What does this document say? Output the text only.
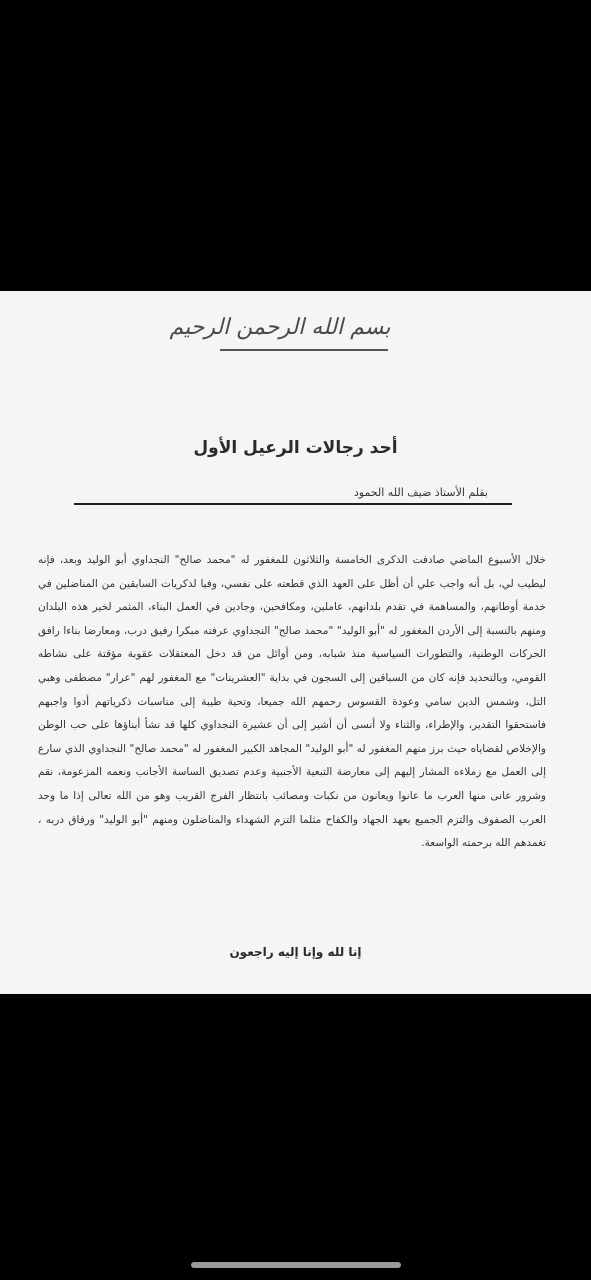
بسم الله الرحمن الرحيم
أحد رجالات الرعيل الأول
بقلم الأستاذ ضيف الله الحمود
خلال الأسبوع الماضي صادفت الذكرى الخامسة والثلاثون للمغفور له "محمد صالح" النجداوي أبو الوليد وبعد، فإنه ليطيب لي، بل أنه واجب علي أن أظل على العهد الذي قطعته على نفسي، وفيا لذكريات السابقين من المناضلين في خدمة أوطانهم، والمساهمة في تقدم بلدانهم، عاملين، ومكافحين، وجادين في العمل البناء، المثمر لخير هذه البلدان ومنهم بالنسبة إلى الأردن المغفور له "أبو الوليد" "محمد صالح" النجداوي عرفته مبكرا رفيق درب، ومعارضا بناءا رافق الحركات الوطنية، والتطورات السياسية منذ شبابه، ومن أوائل من قد دخل المعتقلات عقوبة مؤقتة على نشاطه القومي، وبالتحديد فإنه كان من السباقين إلى السجون في بداية "العشرينات" مع المغفور لهم "عرار" مصطفى وهبي التل، وشمس الدين سامي وعودة القسوس رحمهم الله جميعا، وتحية طيبة إلى مناسبات ذكرياتهم أدوا واجبهم فاستحقوا التقدير، والإطراء، والثناء ولا أنسى أن أشير إلى أن عشيرة النجداوي كلها قد نشأ أبناؤها على حب الوطن والإخلاص لقضاياه حيث برز منهم المغفور له "أبو الوليد" المجاهد الكبير المغفور له "محمد صالح" النجداوي الذي سارع إلى العمل مع زملاءه المشار إليهم إلى معارضة التبعية الأجنبية وعدم تصديق الساسة الأجانب ونعمه المزعومة، نقم وشرور عانى منها العرب ما عانوا ويعانون من نكبات ومصائب بانتظار الفرج القريب وهو من الله تعالى إذا ما وحد العرب الصفوف والتزم الجميع بعهد الجهاد والكفاح مثلما التزم الشهداء والمناضلون ومنهم "أبو الوليد" ورفاق دربه ، تغمدهم الله برحمته الواسعة.
إنا لله وإنا إليه راجعون
